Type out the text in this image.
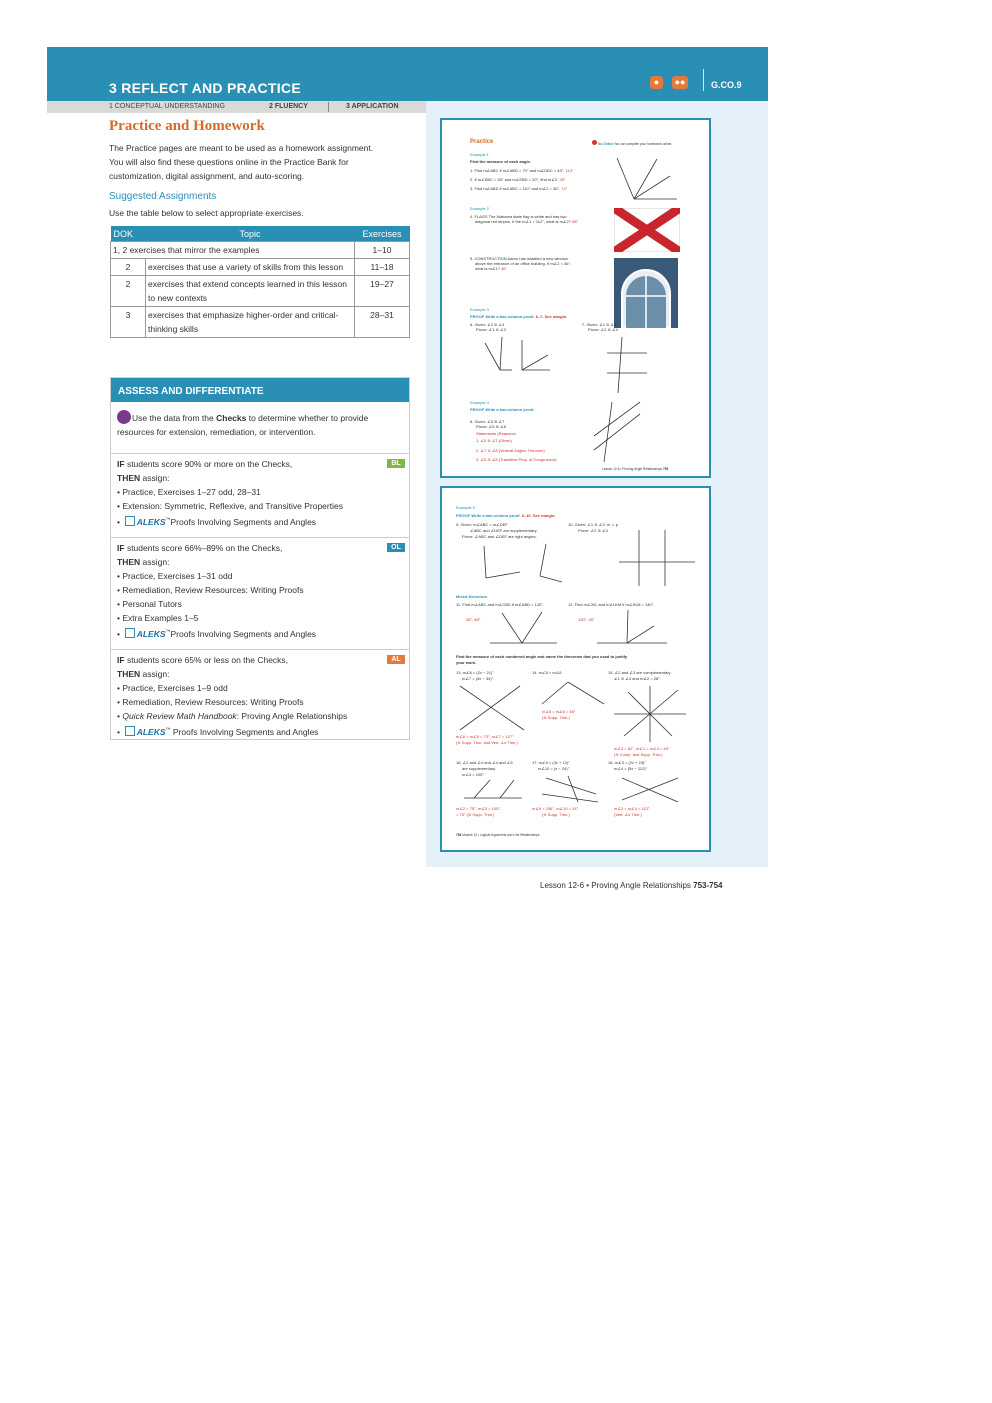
3 REFLECT AND PRACTICE	●	●●	G.CO.9
1 CONCEPTUAL UNDERSTANDING	2 FLUENCY	3 APPLICATION
Practice and Homework
The Practice pages are meant to be used as a homework assignment.
You will also find these questions online in the Practice Bank for
customization, digital assignment, and auto-scoring.
Suggested Assignments
Use the table below to select appropriate exercises.
DOK	Topic	Exercises
1, 2 exercises that mirror the examples		1–10
2	exercises that use a variety of skills from this lesson	11–18
2	exercises that extend concepts learned in this lesson to new contexts	19–27
3	exercises that emphasize higher-order and critical-thinking skills	28–31
ASSESS AND DIFFERENTIATE

Use the data from the Checks to determine whether to provide

resources for extension, remediation, or intervention.

BL

IF students score 90% or more on the Checks,

THEN assign:

• Practice, Exercises 1–27 odd, 28–31

• Extension: Symmetric, Reflexive, and Transitive Properties

•  ALEKS™Proofs Involving Segments and Angles

OL

IF students score 66%–89% on the Checks,

THEN assign:

• Practice, Exercises 1–31 odd

• Remediation, Review Resources: Writing Proofs

• Personal Tutors

• Extra Examples 1–5

•  ALEKS™Proofs Involving Segments and Angles

AL

IF students score 65% or less on the Checks,

THEN assign:

• Practice, Exercises 1–9 odd

• Remediation, Review Resources: Writing Proofs

• Quick Review Math Handbook: Proving Angle Relationships

•  ALEKS™ Proofs Involving Segments and Angles

Practice	Go Online You can complete your homework online.
Example 1
Find the measure of each angle.
1. Find m∠ABC if m∠ABD = 70° and m∠DBC = 43°. 113°
2. If m∠EBC = 55° and m∠EBD = 20°, find m∠2. 35°
3. Find m∠ABD if m∠ABC = 110° and m∠2 = 36°. 74°
Example 2
4. FLAGS The Alabama state flag is white and has two
diagonal red stripes. If the m∠1 = 112°, what is m∠2? 68°
5. CONSTRUCTION Aaron has installed a new window
above the entrance of an office building. If m∠2 = 46°,
what is m∠1? 46°
Example 3
PROOF Write a two-column proof. 6–7. See margin.
6. Given: ∠2 ≅ ∠4
Prove: ∠1 ≅ ∠3
7. Given: ∠1 ≅ ∠3
Prove: ∠2 ≅ ∠4
Example 4
PROOF Write a two-column proof.
8. Given: ∠5 ≅ ∠7
Prove: ∠5 ≅ ∠8
Statements (Reasons)
1. ∠5 ≅ ∠7 (Given)
2. ∠7 ≅ ∠8 (Vertical Angles Theorem)
3. ∠5 ≅ ∠8 (Transitive Prop. of Congruence)
Lesson 12-6 • Proving Angle Relationships 753
Example 5
PROOF Write a two-column proof. 9–10. See margin.
9. Given: m∠ABC = m∠DEF
∠ABC and ∠DEF are supplementary.
Prove: ∠ABC and ∠DEF are right angles.
10. Given: ∠1 ≅ ∠2; m ⊥ p
Prove: ∠2 ≅ ∠3
Mixed Exercises
11. Find m∠ABC and m∠CBD if m∠ABD = 120°.	12. Find m∠JKL and m∠LKM if m∠JKM = 140°.
38°; 88°	100°; 40°
Find the measure of each numbered angle and name the theorems that you used to justify
your work.
13. m∠6 = (2x − 21)°
m∠7 = (3x − 34)°
14. m∠5 = m∠6	15. ∠2 and ∠3 are complementary.
∠1 ≅ ∠4 and m∠2 = 28°.
m∠5 = m∠6 = 45°
(≅ Supp. Thm.)
m∠6 = m∠8 = 73°, m∠7 = 107°
(≅ Supp. Thm. and Vert. ∠s Thm.)
m∠3 = 62°, m∠1 = m∠4 = 45°
(≅ Comp. and Supp. Thm.)
16. ∠2 and ∠4 and ∠4 and ∠5
are supplementary.
m∠4 = 105°
17. m∠9 = (3x + 12)°
m∠10 = (x − 24)°
18. m∠3 = (2x + 23)°
m∠4 = (5x − 112)°
m∠2 = 75°, m∠3 = 105°,
= 75° (≅ Supp. Thm.)
m∠9 = 156°, m∠10 = 24°
(≅ Supp. Thm.)
m∠3 = m∠4 = 113°
(Vert. ∠s Thm.)
754 Module 12 • Logical Arguments and Line Relationships
Lesson 12-6 • Proving Angle Relationships 753-754
